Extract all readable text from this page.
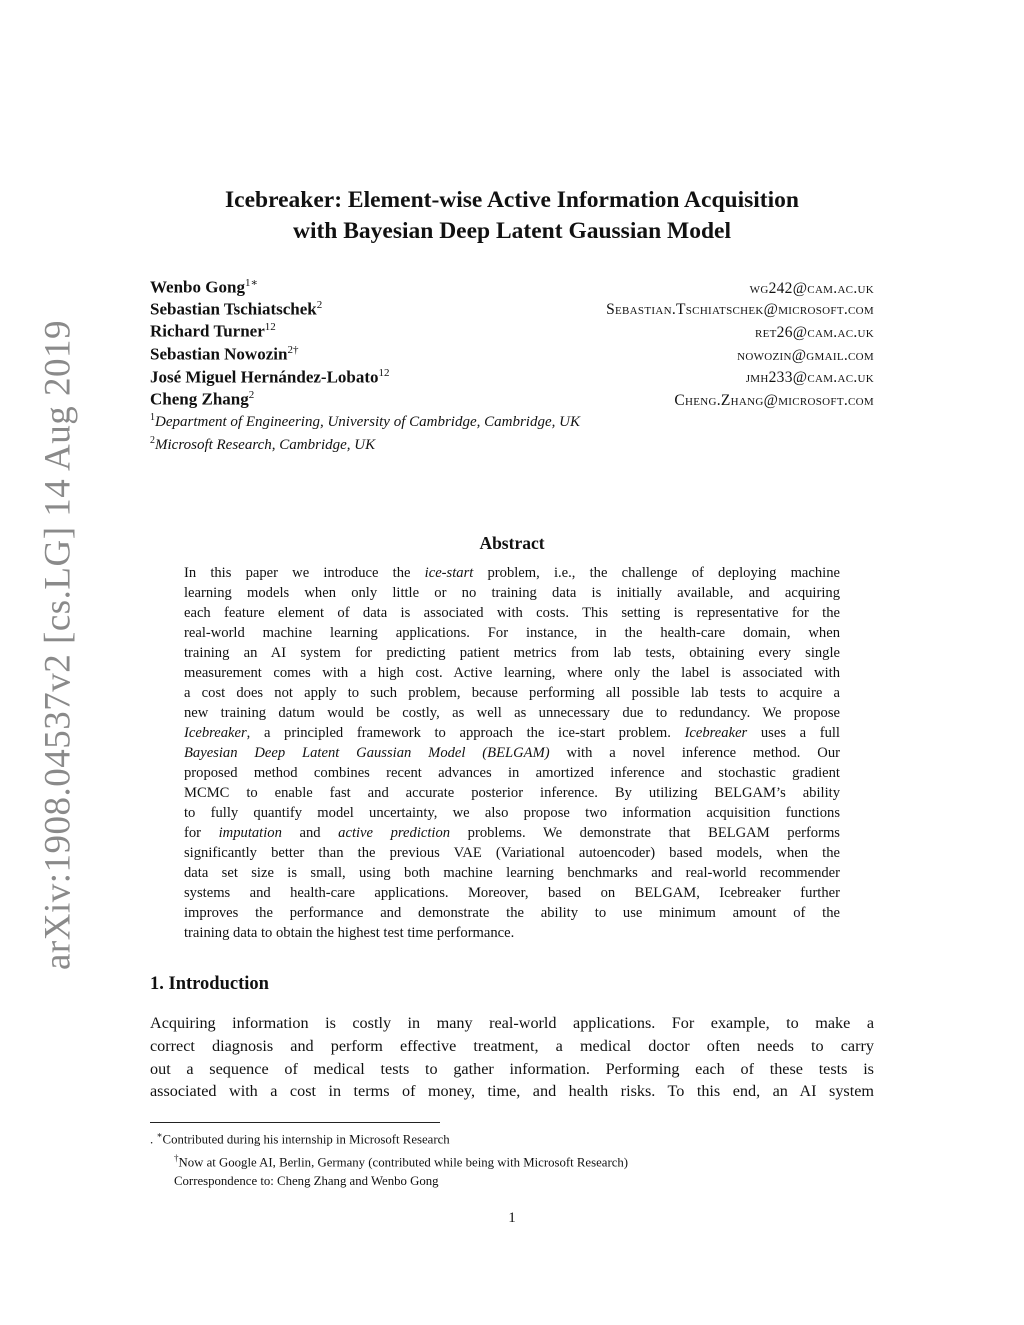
arXiv:1908.04537v2 [cs.LG] 14 Aug 2019
Icebreaker: Element-wise Active Information Acquisition
with Bayesian Deep Latent Gaussian Model
Wenbo Gong$^{1∗}$	wg242@cam.ac.uk
Sebastian Tschiatschek$^2$	Sebastian.Tschiatschek@microsoft.com
Richard Turner$^{12}$	ret26@cam.ac.uk
Sebastian Nowozin$^{2\dagger}$	nowozin@gmail.com
José Miguel Hernández-Lobato$^{12}$	jmh233@cam.ac.uk
Cheng Zhang$^2$	Cheng.Zhang@microsoft.com
$^1$Department of Engineering, University of Cambridge, Cambridge, UK
$^2$Microsoft Research, Cambridge, UK
Abstract
In this paper we introduce the ice-start problem, i.e., the challenge of deploying machine
learning models when only little or no training data is initially available, and acquiring
each feature element of data is associated with costs. This setting is representative for the
real-world machine learning applications. For instance, in the health-care domain, when
training an AI system for predicting patient metrics from lab tests, obtaining every single
measurement comes with a high cost. Active learning, where only the label is associated with
a cost does not apply to such problem, because performing all possible lab tests to acquire a
new training datum would be costly, as well as unnecessary due to redundancy. We propose
Icebreaker, a principled framework to approach the ice-start problem. Icebreaker uses a full
Bayesian Deep Latent Gaussian Model (BELGAM) with a novel inference method. Our
proposed method combines recent advances in amortized inference and stochastic gradient
MCMC to enable fast and accurate posterior inference. By utilizing BELGAM’s ability
to fully quantify model uncertainty, we also propose two information acquisition functions
for imputation and active prediction problems. We demonstrate that BELGAM performs
significantly better than the previous VAE (Variational autoencoder) based models, when the
data set size is small, using both machine learning benchmarks and real-world recommender
systems and health-care applications. Moreover, based on BELGAM, Icebreaker further
improves the performance and demonstrate the ability to use minimum amount of the
training data to obtain the highest test time performance.
1. Introduction
Acquiring information is costly in many real-world applications. For example, to make a
correct diagnosis and perform effective treatment, a medical doctor often needs to carry
out a sequence of medical tests to gather information. Performing each of these tests is
associated with a cost in terms of money, time, and health risks. To this end, an AI system
. ∗Contributed during his internship in Microsoft Research
†Now at Google AI, Berlin, Germany (contributed while being with Microsoft Research)
Correspondence to: Cheng Zhang and Wenbo Gong
1
